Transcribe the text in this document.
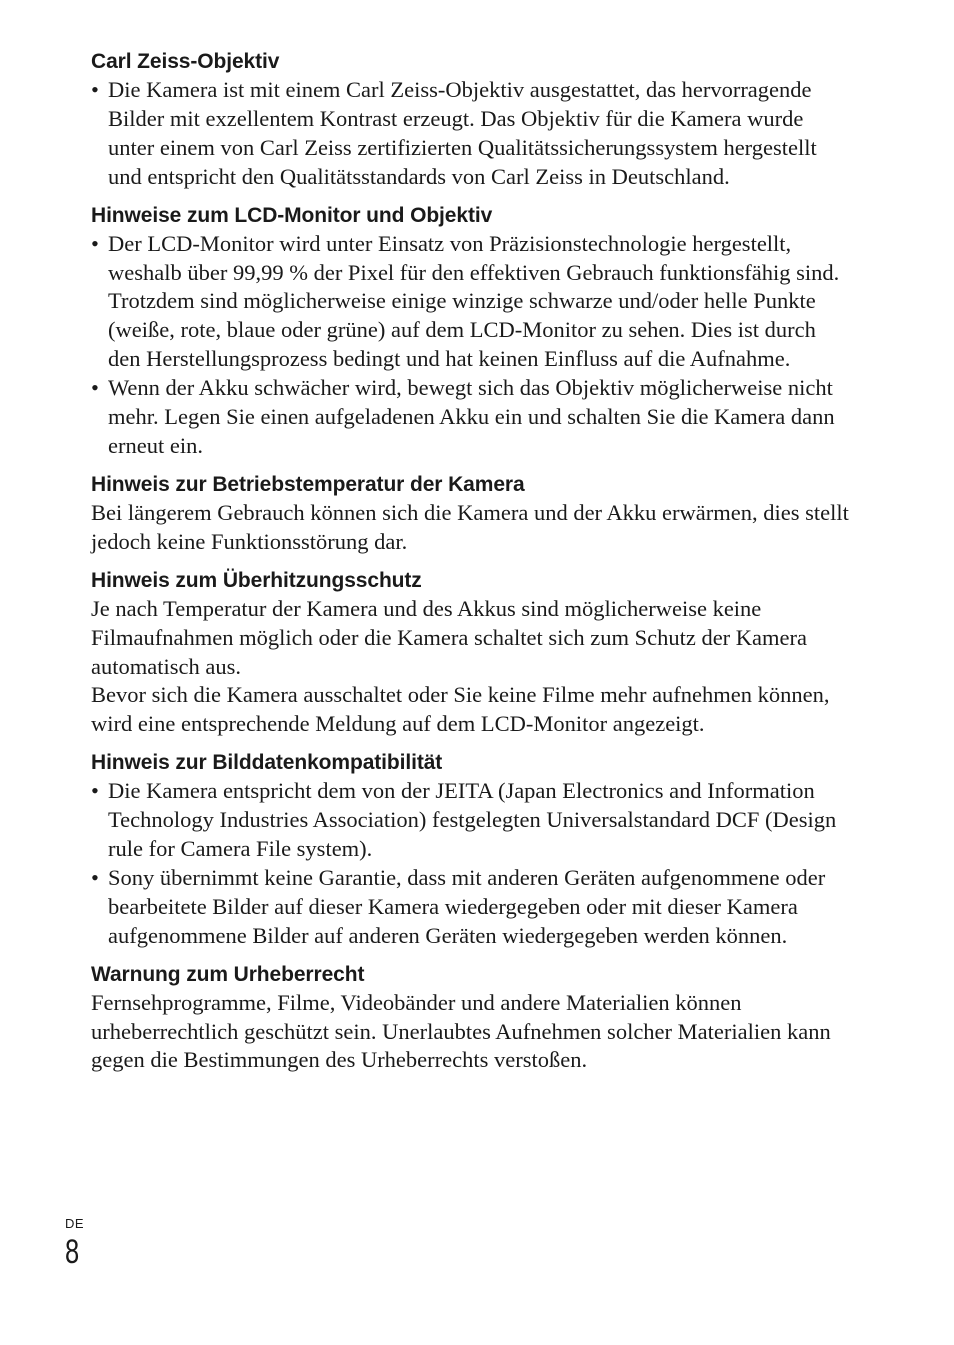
Carl Zeiss-Objektiv
• Die Kamera ist mit einem Carl Zeiss-Objektiv ausgestattet, das hervorragende Bilder mit exzellentem Kontrast erzeugt. Das Objektiv für die Kamera wurde unter einem von Carl Zeiss zertifizierten Qualitätssicherungssystem hergestellt und entspricht den Qualitätsstandards von Carl Zeiss in Deutschland.
Hinweise zum LCD-Monitor und Objektiv
• Der LCD-Monitor wird unter Einsatz von Präzisionstechnologie hergestellt, weshalb über 99,99 % der Pixel für den effektiven Gebrauch funktionsfähig sind. Trotzdem sind möglicherweise einige winzige schwarze und/oder helle Punkte (weiße, rote, blaue oder grüne) auf dem LCD-Monitor zu sehen. Dies ist durch den Herstellungsprozess bedingt und hat keinen Einfluss auf die Aufnahme.
• Wenn der Akku schwächer wird, bewegt sich das Objektiv möglicherweise nicht mehr. Legen Sie einen aufgeladenen Akku ein und schalten Sie die Kamera dann erneut ein.
Hinweis zur Betriebstemperatur der Kamera

Bei längerem Gebrauch können sich die Kamera und der Akku erwärmen, dies stellt jedoch keine Funktionsstörung dar.

Hinweis zum Überhitzungsschutz

Je nach Temperatur der Kamera und des Akkus sind möglicherweise keine Filmaufnahmen möglich oder die Kamera schaltet sich zum Schutz der Kamera automatisch aus.

Bevor sich die Kamera ausschaltet oder Sie keine Filme mehr aufnehmen können, wird eine entsprechende Meldung auf dem LCD-Monitor angezeigt.

Hinweis zur Bilddatenkompatibilität
• Die Kamera entspricht dem von der JEITA (Japan Electronics and Information Technology Industries Association) festgelegten Universalstandard DCF (Design rule for Camera File system).
• Sony übernimmt keine Garantie, dass mit anderen Geräten aufgenommene oder bearbeitete Bilder auf dieser Kamera wiedergegeben oder mit dieser Kamera aufgenommene Bilder auf anderen Geräten wiedergegeben werden können.
Warnung zum Urheberrecht

Fernsehprogramme, Filme, Videobänder und andere Materialien können urheberrechtlich geschützt sein. Unerlaubtes Aufnehmen solcher Materialien kann gegen die Bestimmungen des Urheberrechts verstoßen.

DE
8
